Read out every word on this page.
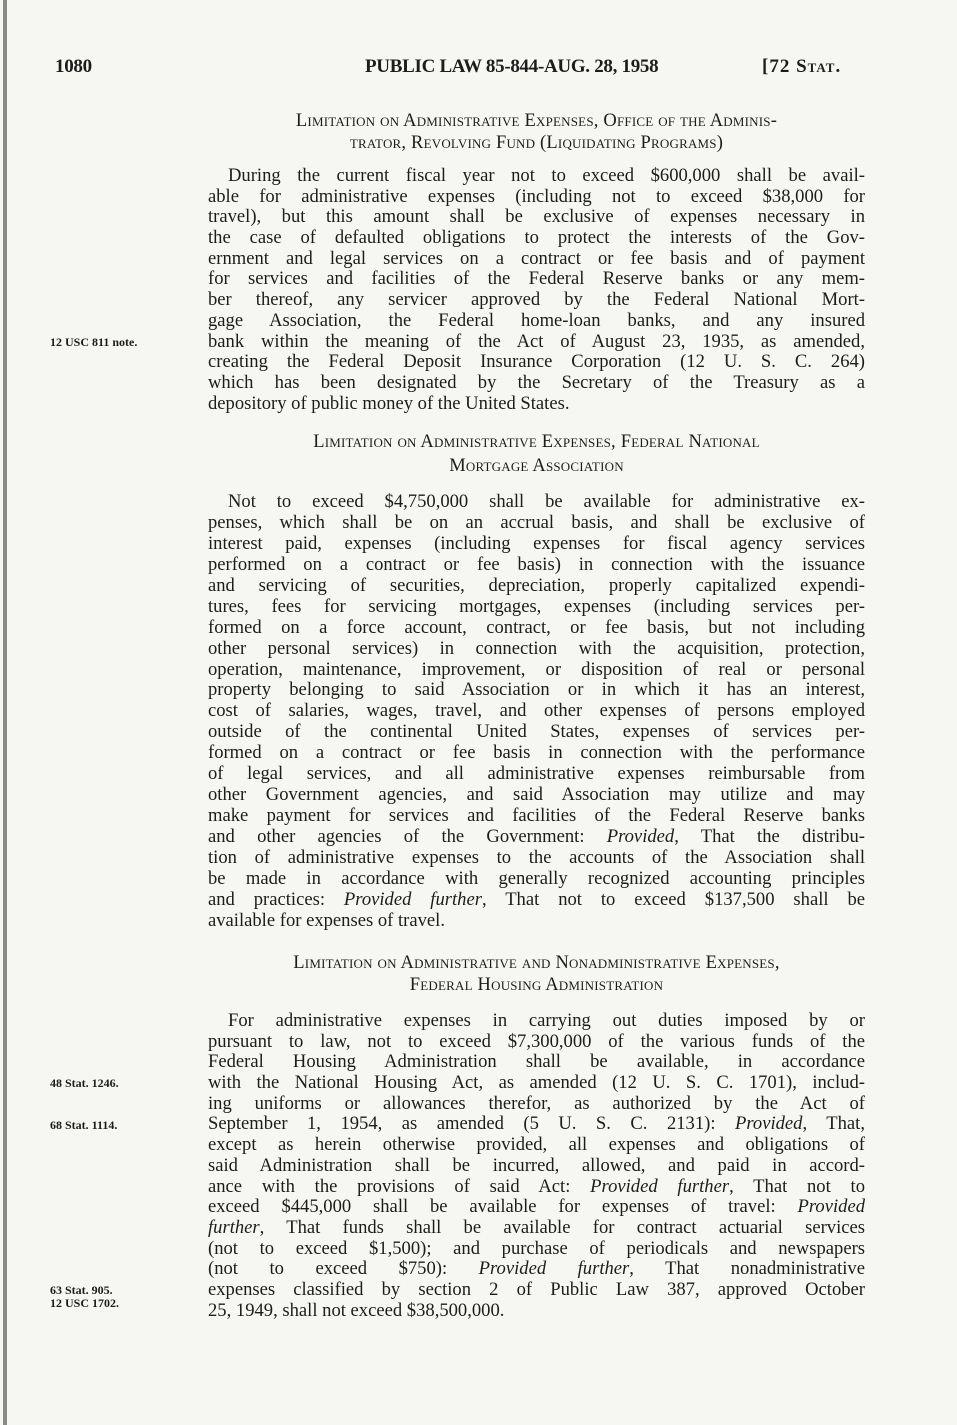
1080	PUBLIC LAW 85-844-AUG. 28, 1958	[72 Stat.
Limitation on Administrative Expenses, Office of the Adminis-
trator, Revolving Fund (Liquidating Programs)
During the current fiscal year not to exceed $600,000 shall be avail-
able for administrative expenses (including not to exceed $38,000 for
travel), but this amount shall be exclusive of expenses necessary in
the case of defaulted obligations to protect the interests of the Gov-
ernment and legal services on a contract or fee basis and of payment
for services and facilities of the Federal Reserve banks or any mem-
ber thereof, any servicer approved by the Federal National Mort-
gage Association, the Federal home-loan banks, and any insured
bank within the meaning of the Act of August 23, 1935, as amended,
creating the Federal Deposit Insurance Corporation (12 U. S. C. 264)
which has been designated by the Secretary of the Treasury as a
depository of public money of the United States.
Limitation on Administrative Expenses, Federal National
Mortgage Association
Not to exceed $4,750,000 shall be available for administrative ex-
penses, which shall be on an accrual basis, and shall be exclusive of
interest paid, expenses (including expenses for fiscal agency services
performed on a contract or fee basis) in connection with the issuance
and servicing of securities, depreciation, properly capitalized expendi-
tures, fees for servicing mortgages, expenses (including services per-
formed on a force account, contract, or fee basis, but not including
other personal services) in connection with the acquisition, protection,
operation, maintenance, improvement, or disposition of real or personal
property belonging to said Association or in which it has an interest,
cost of salaries, wages, travel, and other expenses of persons employed
outside of the continental United States, expenses of services per-
formed on a contract or fee basis in connection with the performance
of legal services, and all administrative expenses reimbursable from
other Government agencies, and said Association may utilize and may
make payment for services and facilities of the Federal Reserve banks
and other agencies of the Government: Provided, That the distribu-
tion of administrative expenses to the accounts of the Association shall
be made in accordance with generally recognized accounting principles
and practices: Provided further, That not to exceed $137,500 shall be
available for expenses of travel.
Limitation on Administrative and Nonadministrative Expenses,
Federal Housing Administration
For administrative expenses in carrying out duties imposed by or
pursuant to law, not to exceed $7,300,000 of the various funds of the
Federal Housing Administration shall be available, in accordance
with the National Housing Act, as amended (12 U. S. C. 1701), includ-
ing uniforms or allowances therefor, as authorized by the Act of
September 1, 1954, as amended (5 U. S. C. 2131): Provided, That,
except as herein otherwise provided, all expenses and obligations of
said Administration shall be incurred, allowed, and paid in accord-
ance with the provisions of said Act: Provided further, That not to
exceed $445,000 shall be available for expenses of travel: Provided
further, That funds shall be available for contract actuarial services
(not to exceed $1,500); and purchase of periodicals and newspapers
(not to exceed $750): Provided further, That nonadministrative
expenses classified by section 2 of Public Law 387, approved October
25, 1949, shall not exceed $38,500,000.
12 USC 811 note.
48 Stat. 1246.
68 Stat. 1114.
63 Stat. 905.
12 USC 1702.
